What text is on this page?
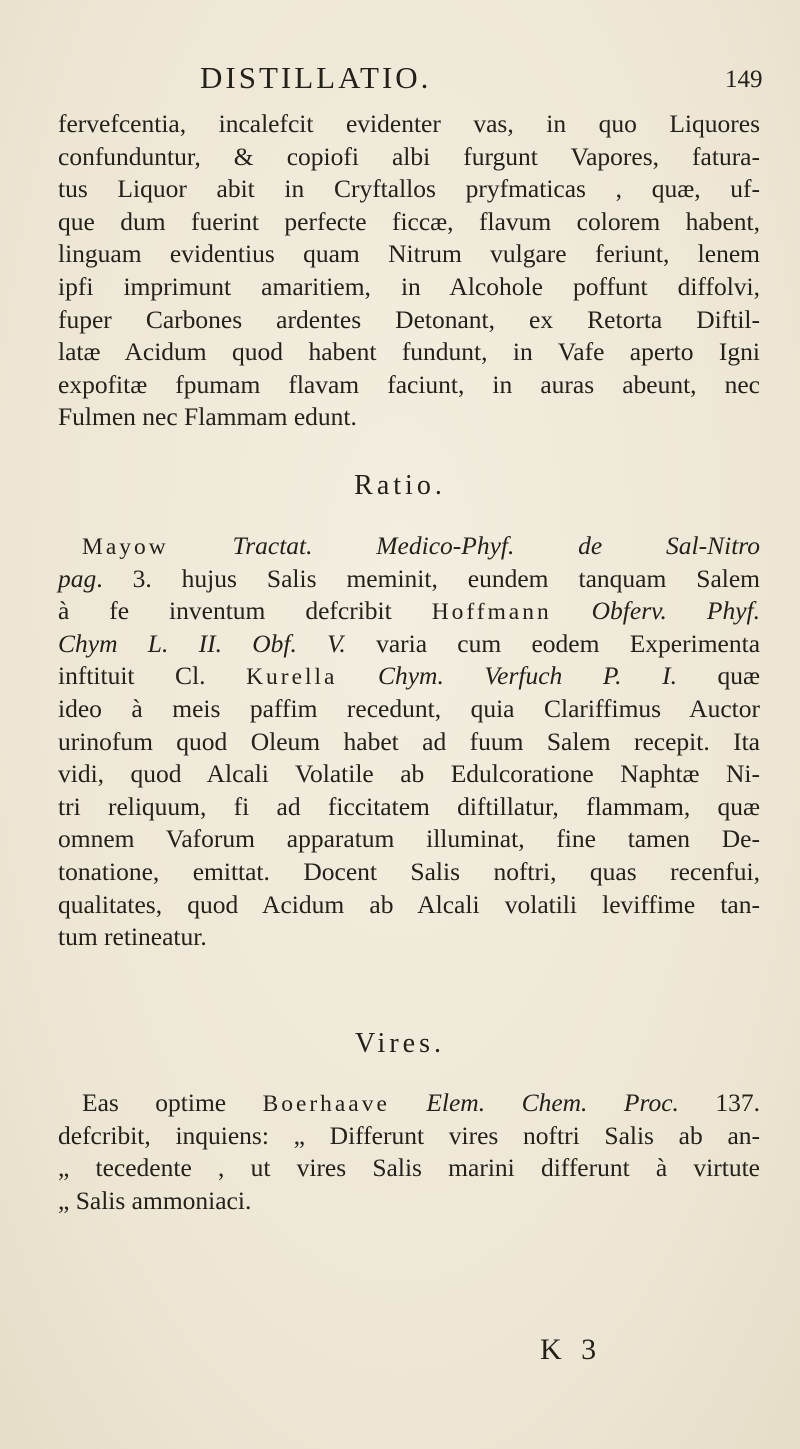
DISTILLATIO.	149
fervefcentia, incalefcit evidenter vas, in quo Liquores
confunduntur, & copiofi albi furgunt Vapores, fatura-
tus Liquor abit in Cryftallos pryfmaticas , quæ, uf-
que dum fuerint perfecte ficcæ, flavum colorem habent,
linguam evidentius quam Nitrum vulgare feriunt, lenem
ipfi imprimunt amaritiem, in Alcohole poffunt diffolvi,
fuper Carbones ardentes Detonant, ex Retorta Diftil-
latæ Acidum quod habent fundunt, in Vafe aperto Igni
expofitæ fpumam flavam faciunt, in auras abeunt, nec
Fulmen nec Flammam edunt.
Ratio.
Mayow	Tractat. Medico-Phyf. de Sal-Nitro
pag. 3. hujus Salis meminit, eundem tanquam Salem
à fe inventum defcribit Hoffmann Obferv. Phyf.
Chym L. II. Obf. V. varia cum eodem Experimenta
inftituit Cl. Kurella Chym. Verfuch P. I. quæ
ideo à meis paffim recedunt, quia Clariffimus Auctor
urinofum quod Oleum habet ad fuum Salem recepit. Ita
vidi, quod Alcali Volatile ab Edulcoratione Naphtæ Ni-
tri reliquum, fi ad ficcitatem diftillatur, flammam, quæ
omnem Vaforum apparatum illuminat, fine tamen De-
tonatione, emittat. Docent Salis noftri, quas recenfui,
qualitates, quod Acidum ab Alcali volatili leviffime tan-
tum retineatur.
Vires.
Eas optime Boerhaave Elem. Chem. Proc. 137.
defcribit, inquiens: „ Differunt vires noftri Salis ab an-
„ tecedente , ut vires Salis marini differunt à virtute
„ Salis ammoniaci.
K 3
